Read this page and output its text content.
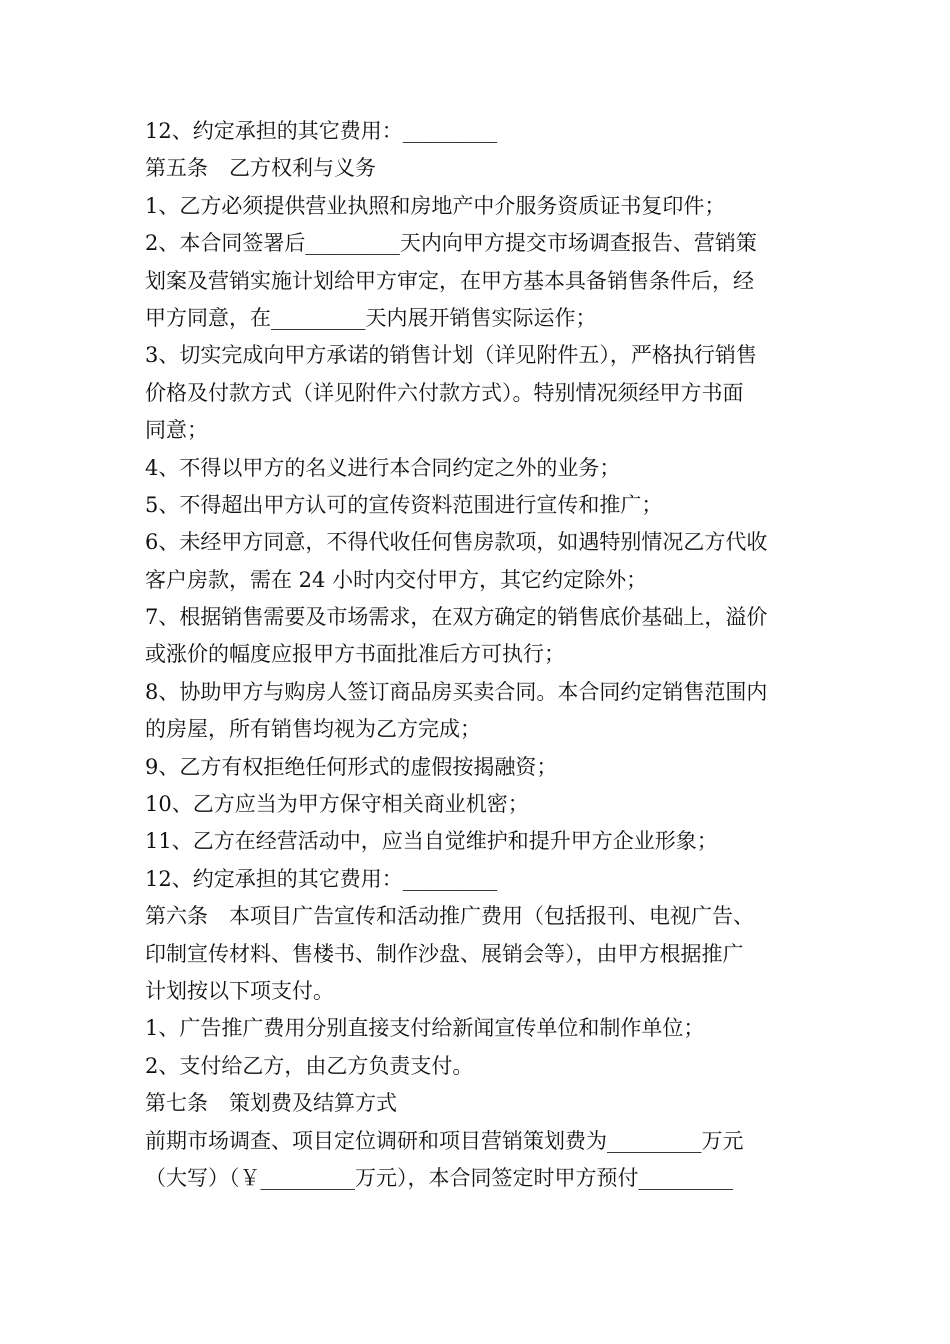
12、约定承担的其它费用：_________
第五条　乙方权利与义务
1、乙方必须提供营业执照和房地产中介服务资质证书复印件；
2、本合同签署后_________天内向甲方提交市场调查报告、营销策
划案及营销实施计划给甲方审定，在甲方基本具备销售条件后，经
甲方同意，在_________天内展开销售实际运作；
3、切实完成向甲方承诺的销售计划（详见附件五），严格执行销售
价格及付款方式（详见附件六付款方式）。特别情况须经甲方书面
同意；
4、不得以甲方的名义进行本合同约定之外的业务；
5、不得超出甲方认可的宣传资料范围进行宣传和推广；
6、未经甲方同意，不得代收任何售房款项，如遇特别情况乙方代收
客户房款，需在 24 小时内交付甲方，其它约定除外；
7、根据销售需要及市场需求，在双方确定的销售底价基础上，溢价
或涨价的幅度应报甲方书面批准后方可执行；
8、协助甲方与购房人签订商品房买卖合同。本合同约定销售范围内
的房屋，所有销售均视为乙方完成；
9、乙方有权拒绝任何形式的虚假按揭融资；
10、乙方应当为甲方保守相关商业机密；
11、乙方在经营活动中，应当自觉维护和提升甲方企业形象；
12、约定承担的其它费用：_________
第六条　本项目广告宣传和活动推广费用（包括报刊、电视广告、
印制宣传材料、售楼书、制作沙盘、展销会等），由甲方根据推广
计划按以下项支付。
1、广告推广费用分别直接支付给新闻宣传单位和制作单位；
2、支付给乙方，由乙方负责支付。
第七条　策划费及结算方式
前期市场调查、项目定位调研和项目营销策划费为_________万元
（大写）（￥_________万元），本合同签定时甲方预付_________
